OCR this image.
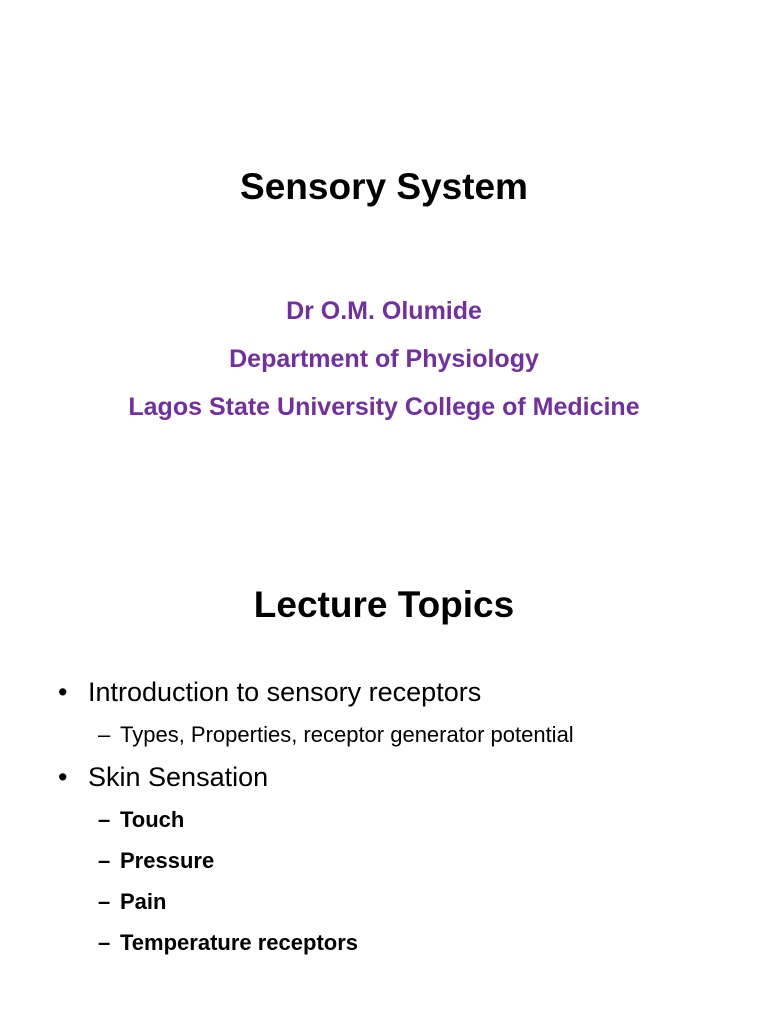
Sensory System
Dr O.M. Olumide
Department of Physiology
Lagos State University College of Medicine
Lecture Topics
• Introduction to sensory receptors
– Types, Properties, receptor generator potential
• Skin Sensation
– Touch
– Pressure
– Pain
– Temperature receptors
